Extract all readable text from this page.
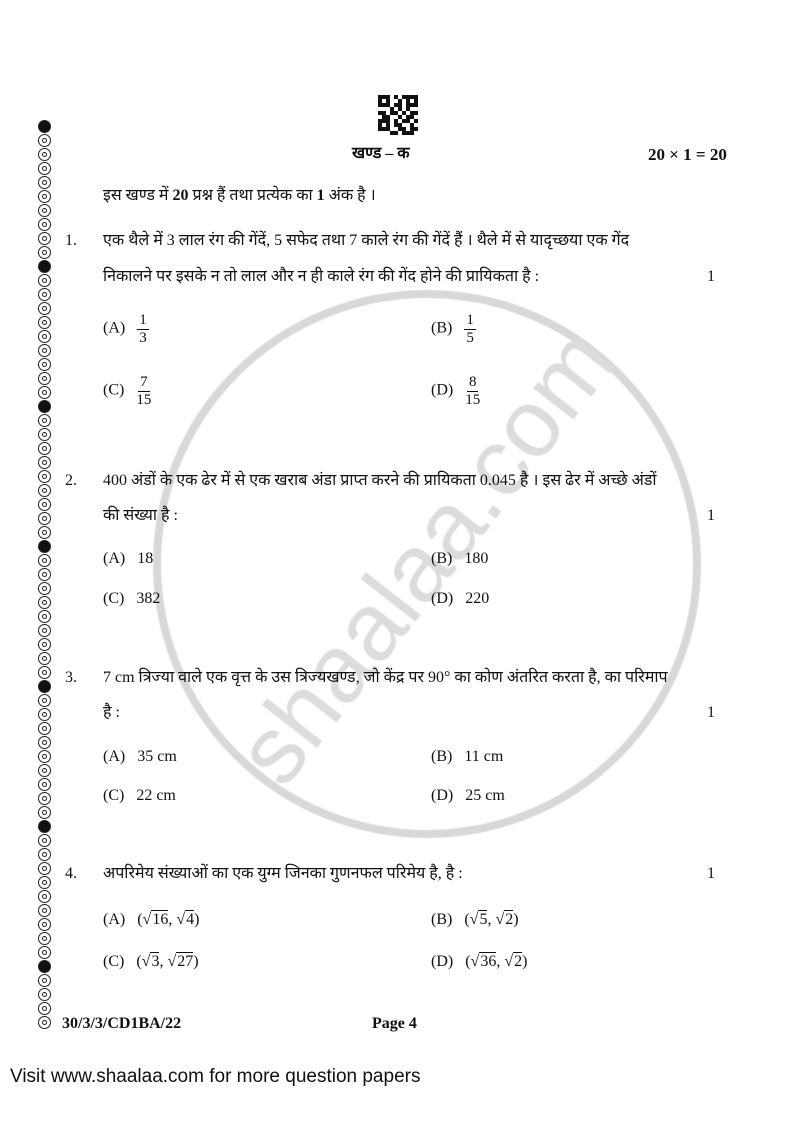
खण्ड – क	20 × 1 = 20
इस खण्ड में 20 प्रश्न हैं तथा प्रत्येक का 1 अंक है ।
1. एक थैले में 3 लाल रंग की गेंदें, 5 सफेद तथा 7 काले रंग की गेंदें हैं । थैले में से यादृच्छया एक गेंद
निकालने पर इसके न तो लाल और न ही काले रंग की गेंद होने की प्रायिकता है :	1
$(A) \frac{1}{3}$	$(B) \frac{1}{5}$
$(C) \frac{7}{15}$	$(D) \frac{8}{15}$
2. 400 अंडों के एक ढेर में से एक खराब अंडा प्राप्त करने की प्रायिकता 0.045 है । इस ढेर में अच्छे अंडों
की संख्या है :	1
(A) 18	(B) 180
(C) 382	(D) 220
3. 7 cm त्रिज्या वाले एक वृत्त के उस त्रिज्यखण्ड, जो केंद्र पर 90° का कोण अंतरित करता है, का परिमाप
है :	1
(A) 35 cm	(B) 11 cm
(C) 22 cm	(D) 25 cm
4. अपरिमेय संख्याओं का एक युग्म जिनका गुणनफल परिमेय है, है :	1
(A)   (√16, √4)	(B)   (√5, √2)
(C)   (√3, √27)	(D)   (√36, √2)
30/3/3/CD1BA/22	Page 4
Visit www.shaalaa.com for more question papers
